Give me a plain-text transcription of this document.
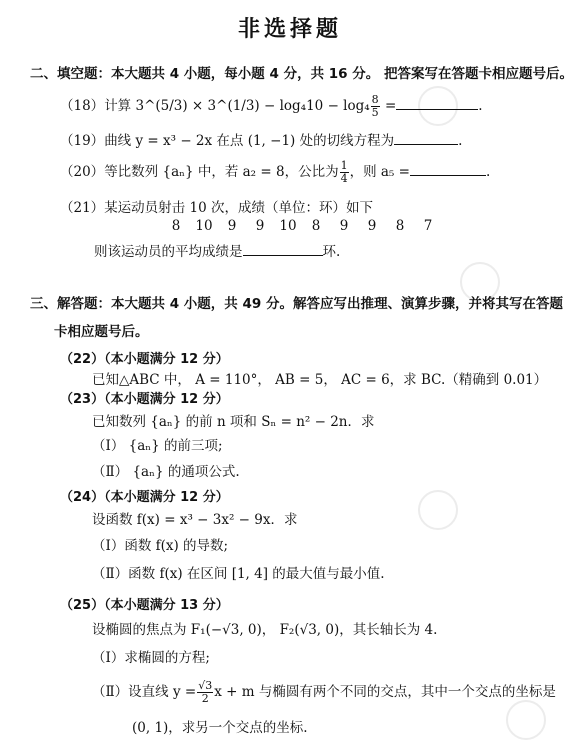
非选择题
二、填空题：本大题共 4 小题，每小题 4 分，共 16 分。 把答案写在答题卡相应题号后。
（18）计算 3^(5/3) × 3^(1/3) − $\log_410 - \log_4 \frac{8}{5}$ =	.
（19）曲线 y = x³ − 2x 在点 (1, −1) 处的切线方程为	.
（20）等比数列 {aₙ} 中，若 a₂ = 8，公比为 $\frac{1}{4}$ ，则 a₅ =	.
（21）某运动员射击 10 次，成绩（单位：环）如下
8 10 9 9 10 8 9 9 8 7
则该运动员的平均成绩是	环.
三、解答题：本大题共 4 小题，共 49 分。解答应写出推理、演算步骤，并将其写在答题
卡相应题号后。
（22）（本小题满分 12 分）
已知△ABC 中， A = 110°， AB = 5， AC = 6，求 BC.（精确到 0.01）
（23）（本小题满分 12 分）
已知数列 {aₙ} 的前 n 项和 Sₙ = n² − 2n．求
（Ⅰ） {aₙ} 的前三项;
（Ⅱ） {aₙ} 的通项公式.
（24）（本小题满分 12 分）
设函数 f(x) = x³ − 3x² − 9x．求
（Ⅰ）函数 f(x) 的导数;
（Ⅱ）函数 f(x) 在区间 [1, 4] 的最大值与最小值.
（25）（本小题满分 13 分）
设椭圆的焦点为 F₁(−√3, 0)， F₂(√3, 0)，其长轴长为 4.
（Ⅰ）求椭圆的方程;
（Ⅱ）设直线 $y = \frac{√3}{2}$ x + m 与椭圆有两个不同的交点，其中一个交点的坐标是
(0, 1)，求另一个交点的坐标.
